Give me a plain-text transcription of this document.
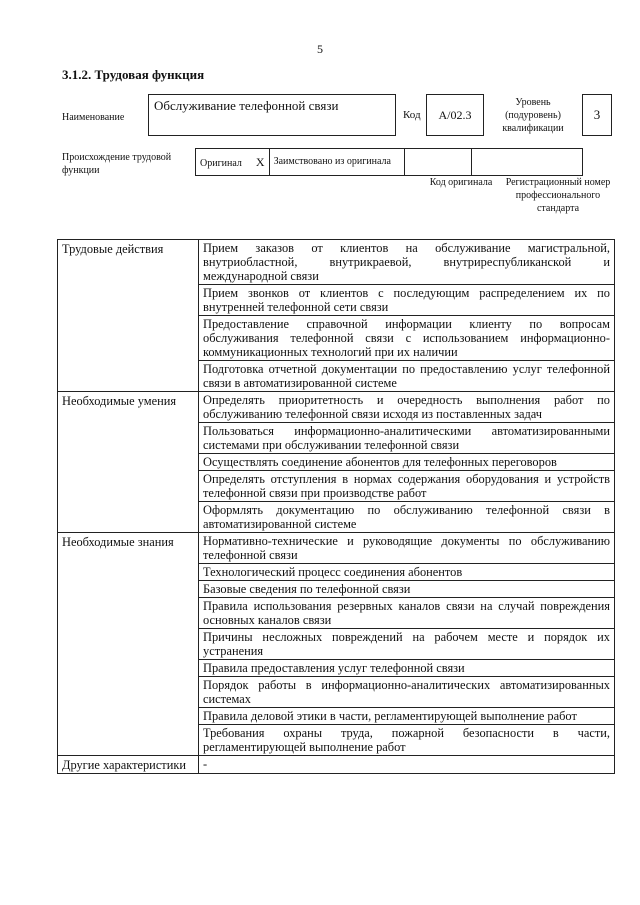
5
3.1.2. Трудовая функция
Наименование
Обслуживание телефонной связи
Код	А/02.3
Уровень (подуровень) квалификации
3
Происхождение трудовой функции
Оригинал X	Заимствовано из оригинала		
Код оригинала Регистрационный номер профессионального стандарта
Трудовые действия	Прием заказов от клиентов на обслуживание магистральной, внутриобластной, внутрикраевой, внутриреспубликанской и международной связи
	Прием звонков от клиентов с последующим распределением их по внутренней телефонной сети связи
	Предоставление справочной информации клиенту по вопросам обслуживания телефонной связи с использованием информационно-коммуникационных технологий при их наличии
	Подготовка отчетной документации по предоставлению услуг телефонной связи в автоматизированной системе
Необходимые умения	Определять приоритетность и очередность выполнения работ по обслуживанию телефонной связи исходя из поставленных задач
	Пользоваться информационно-аналитическими автоматизированными системами при обслуживании телефонной связи
	Осуществлять соединение абонентов для телефонных переговоров
	Определять отступления в нормах содержания оборудования и устройств телефонной связи при производстве работ
	Оформлять документацию по обслуживанию телефонной связи в автоматизированной системе
Необходимые знания	Нормативно-технические и руководящие документы по обслуживанию телефонной связи
	Технологический процесс соединения абонентов
	Базовые сведения по телефонной связи
	Правила использования резервных каналов связи на случай повреждения основных каналов связи
	Причины несложных повреждений на рабочем месте и порядок их устранения
	Правила предоставления услуг телефонной связи
	Порядок работы в информационно-аналитических автоматизированных системах
	Правила деловой этики в части, регламентирующей выполнение работ
	Требования охраны труда, пожарной безопасности в части, регламентирующей выполнение работ
Другие характеристики	-
